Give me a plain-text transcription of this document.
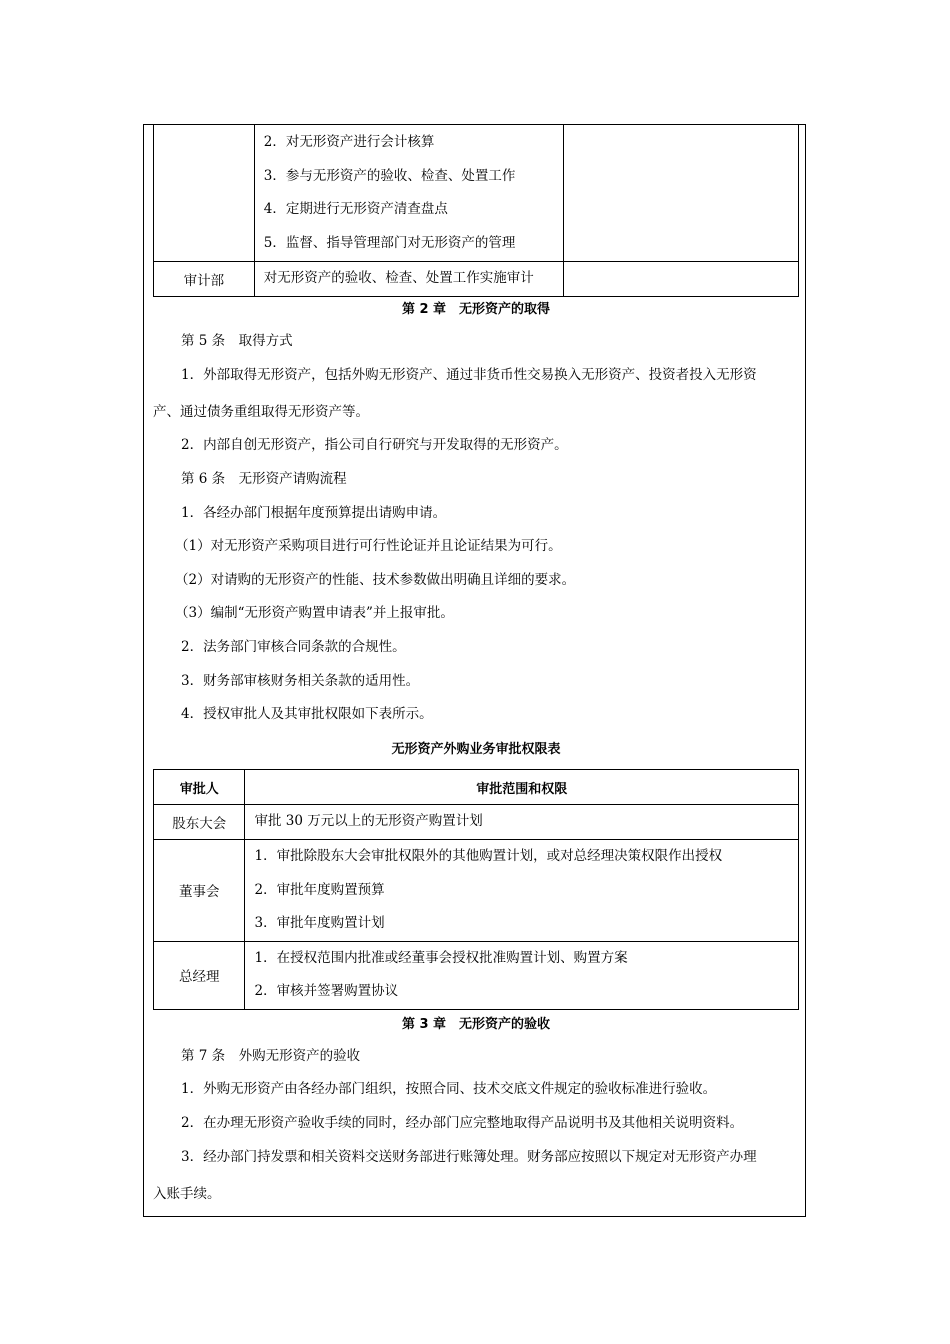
	2．对无形资产进行会计核算
3．参与无形资产的验收、检查、处置工作
4．定期进行无形资产清查盘点
5．监督、指导管理部门对无形资产的管理	

审计部	对无形资产的验收、检查、处置工作实施审计	

第 2 章　无形资产的取得
第 5 条　取得方式
1．外部取得无形资产，包括外购无形资产、通过非货币性交易换入无形资产、投资者投入无形资
产、通过债务重组取得无形资产等。
2．内部自创无形资产，指公司自行研究与开发取得的无形资产。
第 6 条　无形资产请购流程
1．各经办部门根据年度预算提出请购申请。
（1）对无形资产采购项目进行可行性论证并且论证结果为可行。
（2）对请购的无形资产的性能、技术参数做出明确且详细的要求。
（3）编制“无形资产购置申请表”并上报审批。
2．法务部门审核合同条款的合规性。
3．财务部审核财务相关条款的适用性。
4．授权审批人及其审批权限如下表所示。
无形资产外购业务审批权限表
审批人	审批范围和权限
股东大会	审批 30 万元以上的无形资产购置计划

董事会	1．审批除股东大会审批权限外的其他购置计划，或对总经理决策权限作出授权
2．审批年度购置预算
3．审批年度购置计划

总经理	1．在授权范围内批准或经董事会授权批准购置计划、购置方案
2．审核并签署购置协议
第 3 章　无形资产的验收
第 7 条　外购无形资产的验收
1．外购无形资产由各经办部门组织，按照合同、技术交底文件规定的验收标准进行验收。
2．在办理无形资产验收手续的同时，经办部门应完整地取得产品说明书及其他相关说明资料。
3．经办部门持发票和相关资料交送财务部进行账簿处理。财务部应按照以下规定对无形资产办理
入账手续。
